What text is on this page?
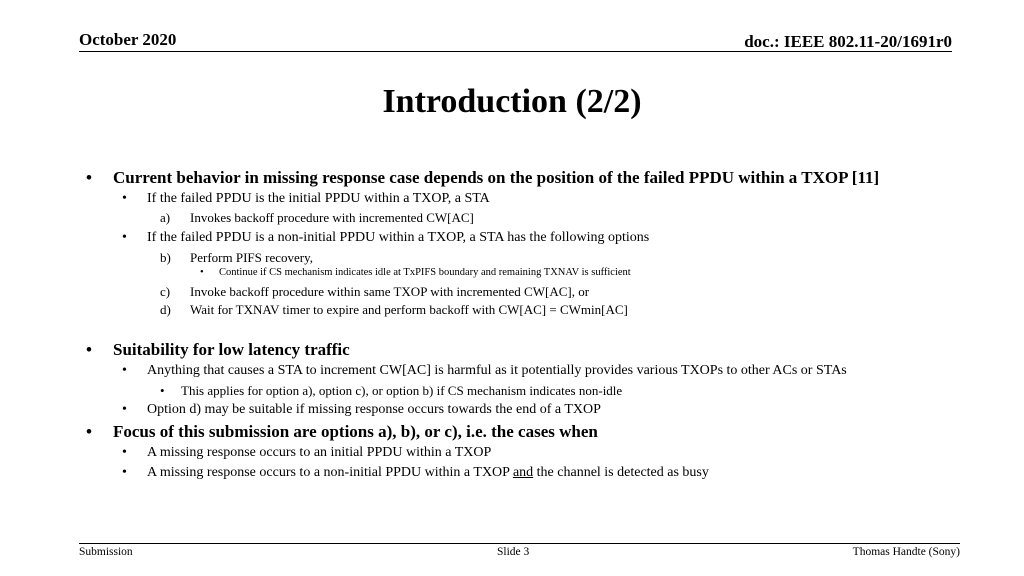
October 2020	doc.: IEEE 802.11-20/1691r0
Introduction (2/2)
• Current behavior in missing response case depends on the position of the failed PPDU within a TXOP [11]
• If the failed PPDU is the initial PPDU within a TXOP, a STA
a) Invokes backoff procedure with incremented CW[AC]
• If the failed PPDU is a non-initial PPDU within a TXOP, a STA has the following options
b) Perform PIFS recovery,
• Continue if CS mechanism indicates idle at TxPIFS boundary and remaining TXNAV is sufficient
c) Invoke backoff procedure within same TXOP with incremented CW[AC], or
d) Wait for TXNAV timer to expire and perform backoff with CW[AC] = CWmin[AC]
• Suitability for low latency traffic
• Anything that causes a STA to increment CW[AC] is harmful as it potentially provides various TXOPs to other ACs or STAs
• This applies for option a), option c), or option b) if CS mechanism indicates non-idle
• Option d) may be suitable if missing response occurs towards the end of a TXOP
• Focus of this submission are options a), b), or c), i.e. the cases when
• A missing response occurs to an initial PPDU within a TXOP
• A missing response occurs to a non-initial PPDU within a TXOP and the channel is detected as busy
Submission	Slide 3	Thomas Handte (Sony)
